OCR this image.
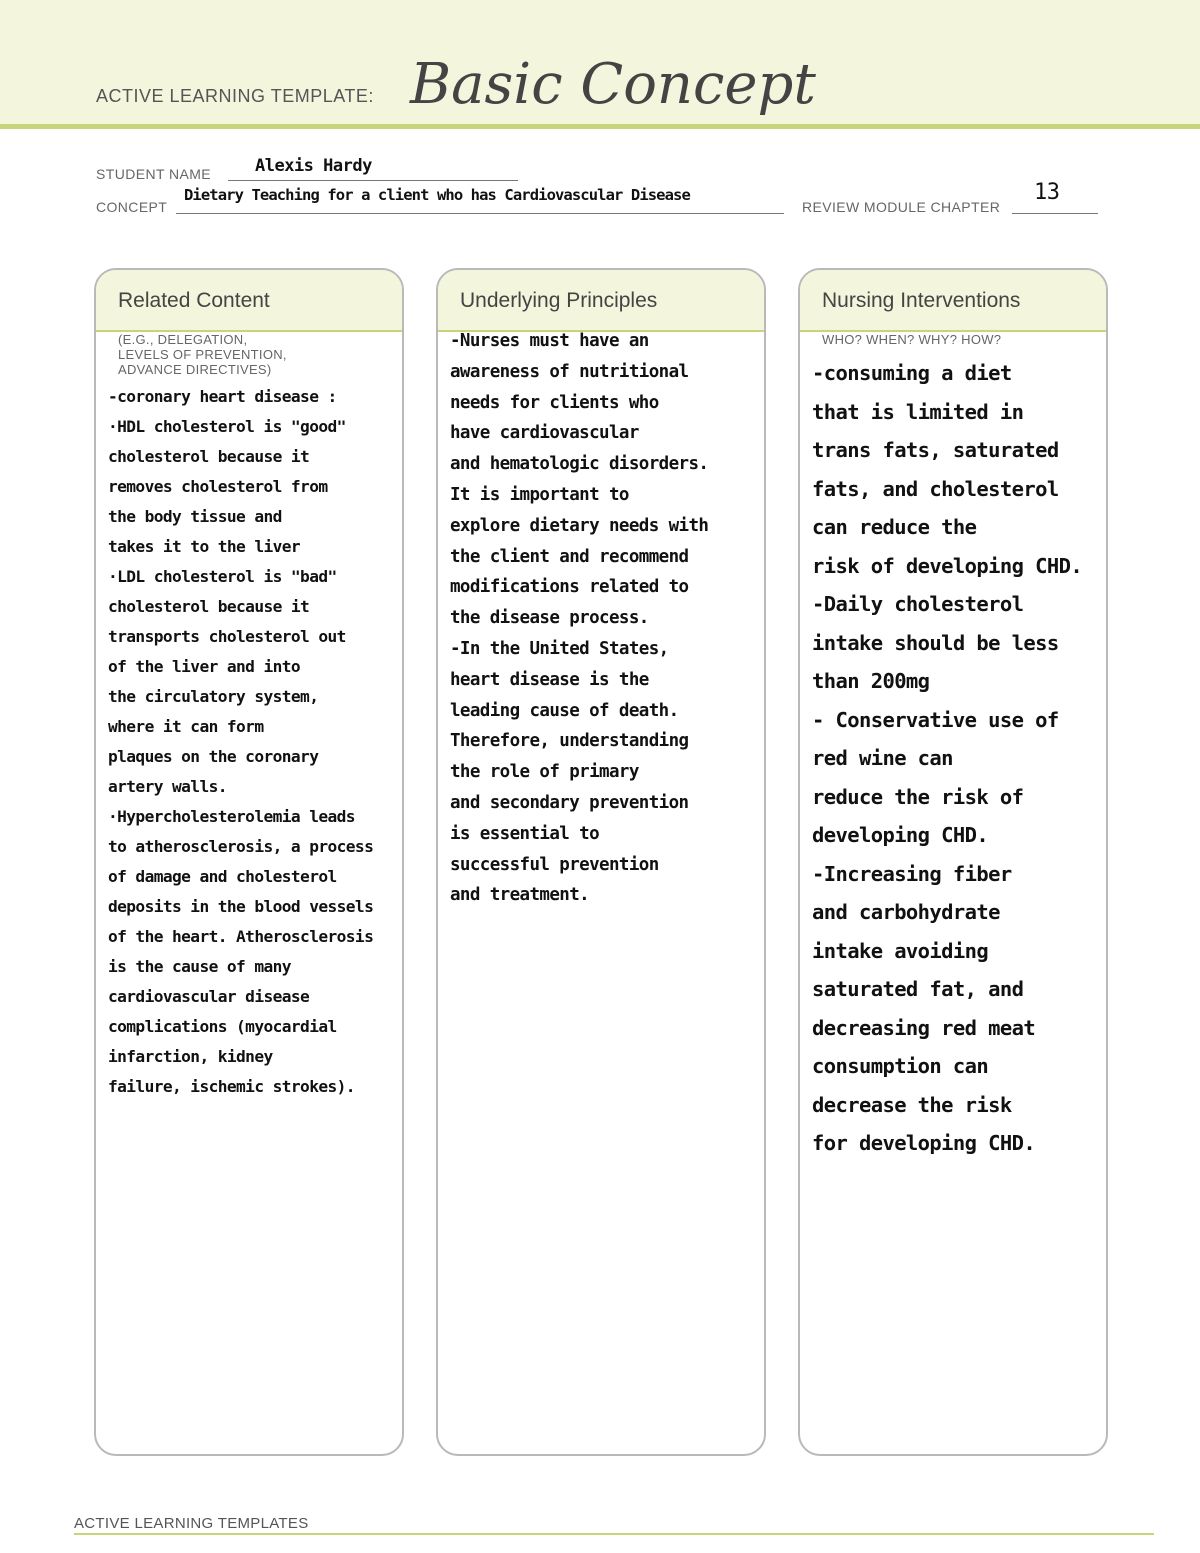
ACTIVE LEARNING TEMPLATE: Basic Concept
STUDENT NAME	Alexis Hardy
CONCEPT
Dietary Teaching for a client who has Cardiovascular Disease
REVIEW MODULE CHAPTER
13
Related Content
(E.G., DELEGATION,
LEVELS OF PREVENTION,
ADVANCE DIRECTIVES)
-coronary heart disease :
·HDL cholesterol is "good"
cholesterol because it
removes cholesterol from
the body tissue and
takes it to the liver
·LDL cholesterol is "bad"
cholesterol because it
transports cholesterol out
of the liver and into
the circulatory system,
where it can form
plaques on the coronary
artery walls.
·Hypercholesterolemia leads
to atherosclerosis, a process
of damage and cholesterol
deposits in the blood vessels
of the heart. Atherosclerosis
is the cause of many
cardiovascular disease
complications (myocardial
infarction, kidney
failure, ischemic strokes).
Underlying Principles
-Nurses must have an
awareness of nutritional
needs for clients who
have cardiovascular
and hematologic disorders.
It is important to
explore dietary needs with
the client and recommend
modifications related to
the disease process.
-In the United States,
heart disease is the
leading cause of death.
Therefore, understanding
the role of primary
and secondary prevention
is essential to
successful prevention
and treatment.
Nursing Interventions
WHO? WHEN? WHY? HOW?
-consuming a diet
that is limited in
trans fats, saturated
fats, and cholesterol
can reduce the
risk of developing CHD.
-Daily cholesterol
intake should be less
than 200mg
- Conservative use of
red wine can
reduce the risk of
developing CHD.
-Increasing fiber
and carbohydrate
intake avoiding
saturated fat, and
decreasing red meat
consumption can
decrease the risk
for developing CHD.
ACTIVE LEARNING TEMPLATES
